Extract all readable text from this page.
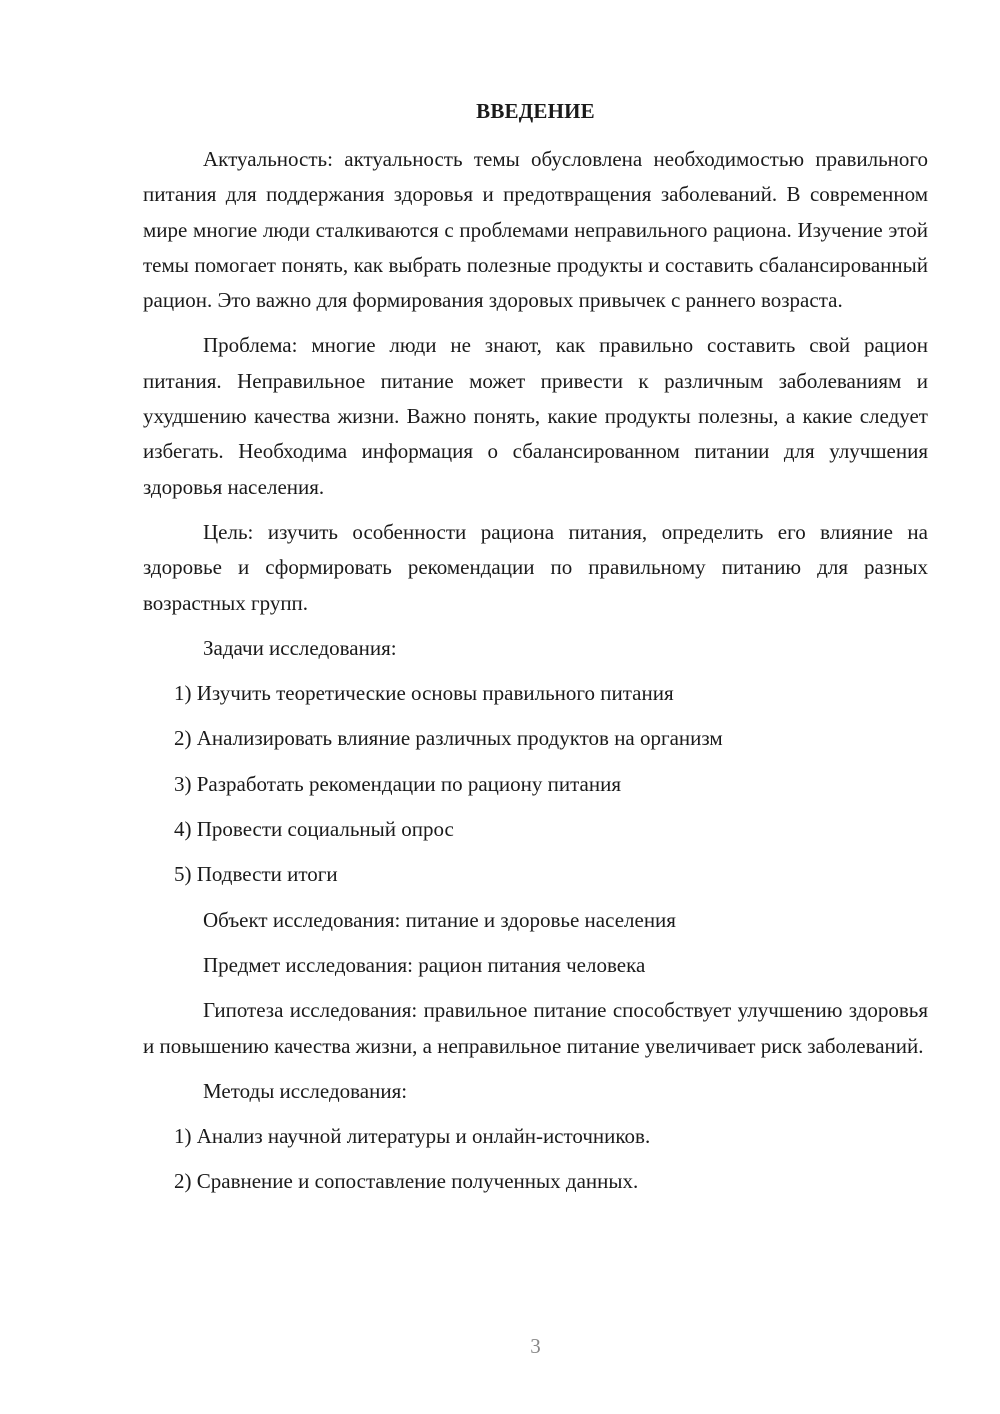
ВВЕДЕНИЕ

Актуальность: актуальность темы обусловлена необходимостью правильного питания для поддержания здоровья и предотвращения заболеваний. В современном мире многие люди сталкиваются с проблемами неправильного рациона. Изучение этой темы помогает понять, как выбрать полезные продукты и составить сбалансированный рацион. Это важно для формирования здоровых привычек с раннего возраста.

Проблема: многие люди не знают, как правильно составить свой рацион питания. Неправильное питание может привести к различным заболеваниям и ухудшению качества жизни. Важно понять, какие продукты полезны, а какие следует избегать. Необходима информация о сбалансированном питании для улучшения здоровья населения.

Цель: изучить особенности рациона питания, определить его влияние на здоровье и сформировать рекомендации по правильному питанию для разных возрастных групп.

Задачи исследования:

1) Изучить теоретические основы правильного питания

2) Анализировать влияние различных продуктов на организм

3) Разработать рекомендации по рациону питания

4) Провести социальный опрос

5) Подвести итоги

Объект исследования: питание и здоровье населения

Предмет исследования: рацион питания человека

Гипотеза исследования: правильное питание способствует улучшению здоровья и повышению качества жизни, а неправильное питание увеличивает риск заболеваний.

Методы исследования:

1) Анализ научной литературы и онлайн-источников.

2) Сравнение и сопоставление полученных данных.

3
